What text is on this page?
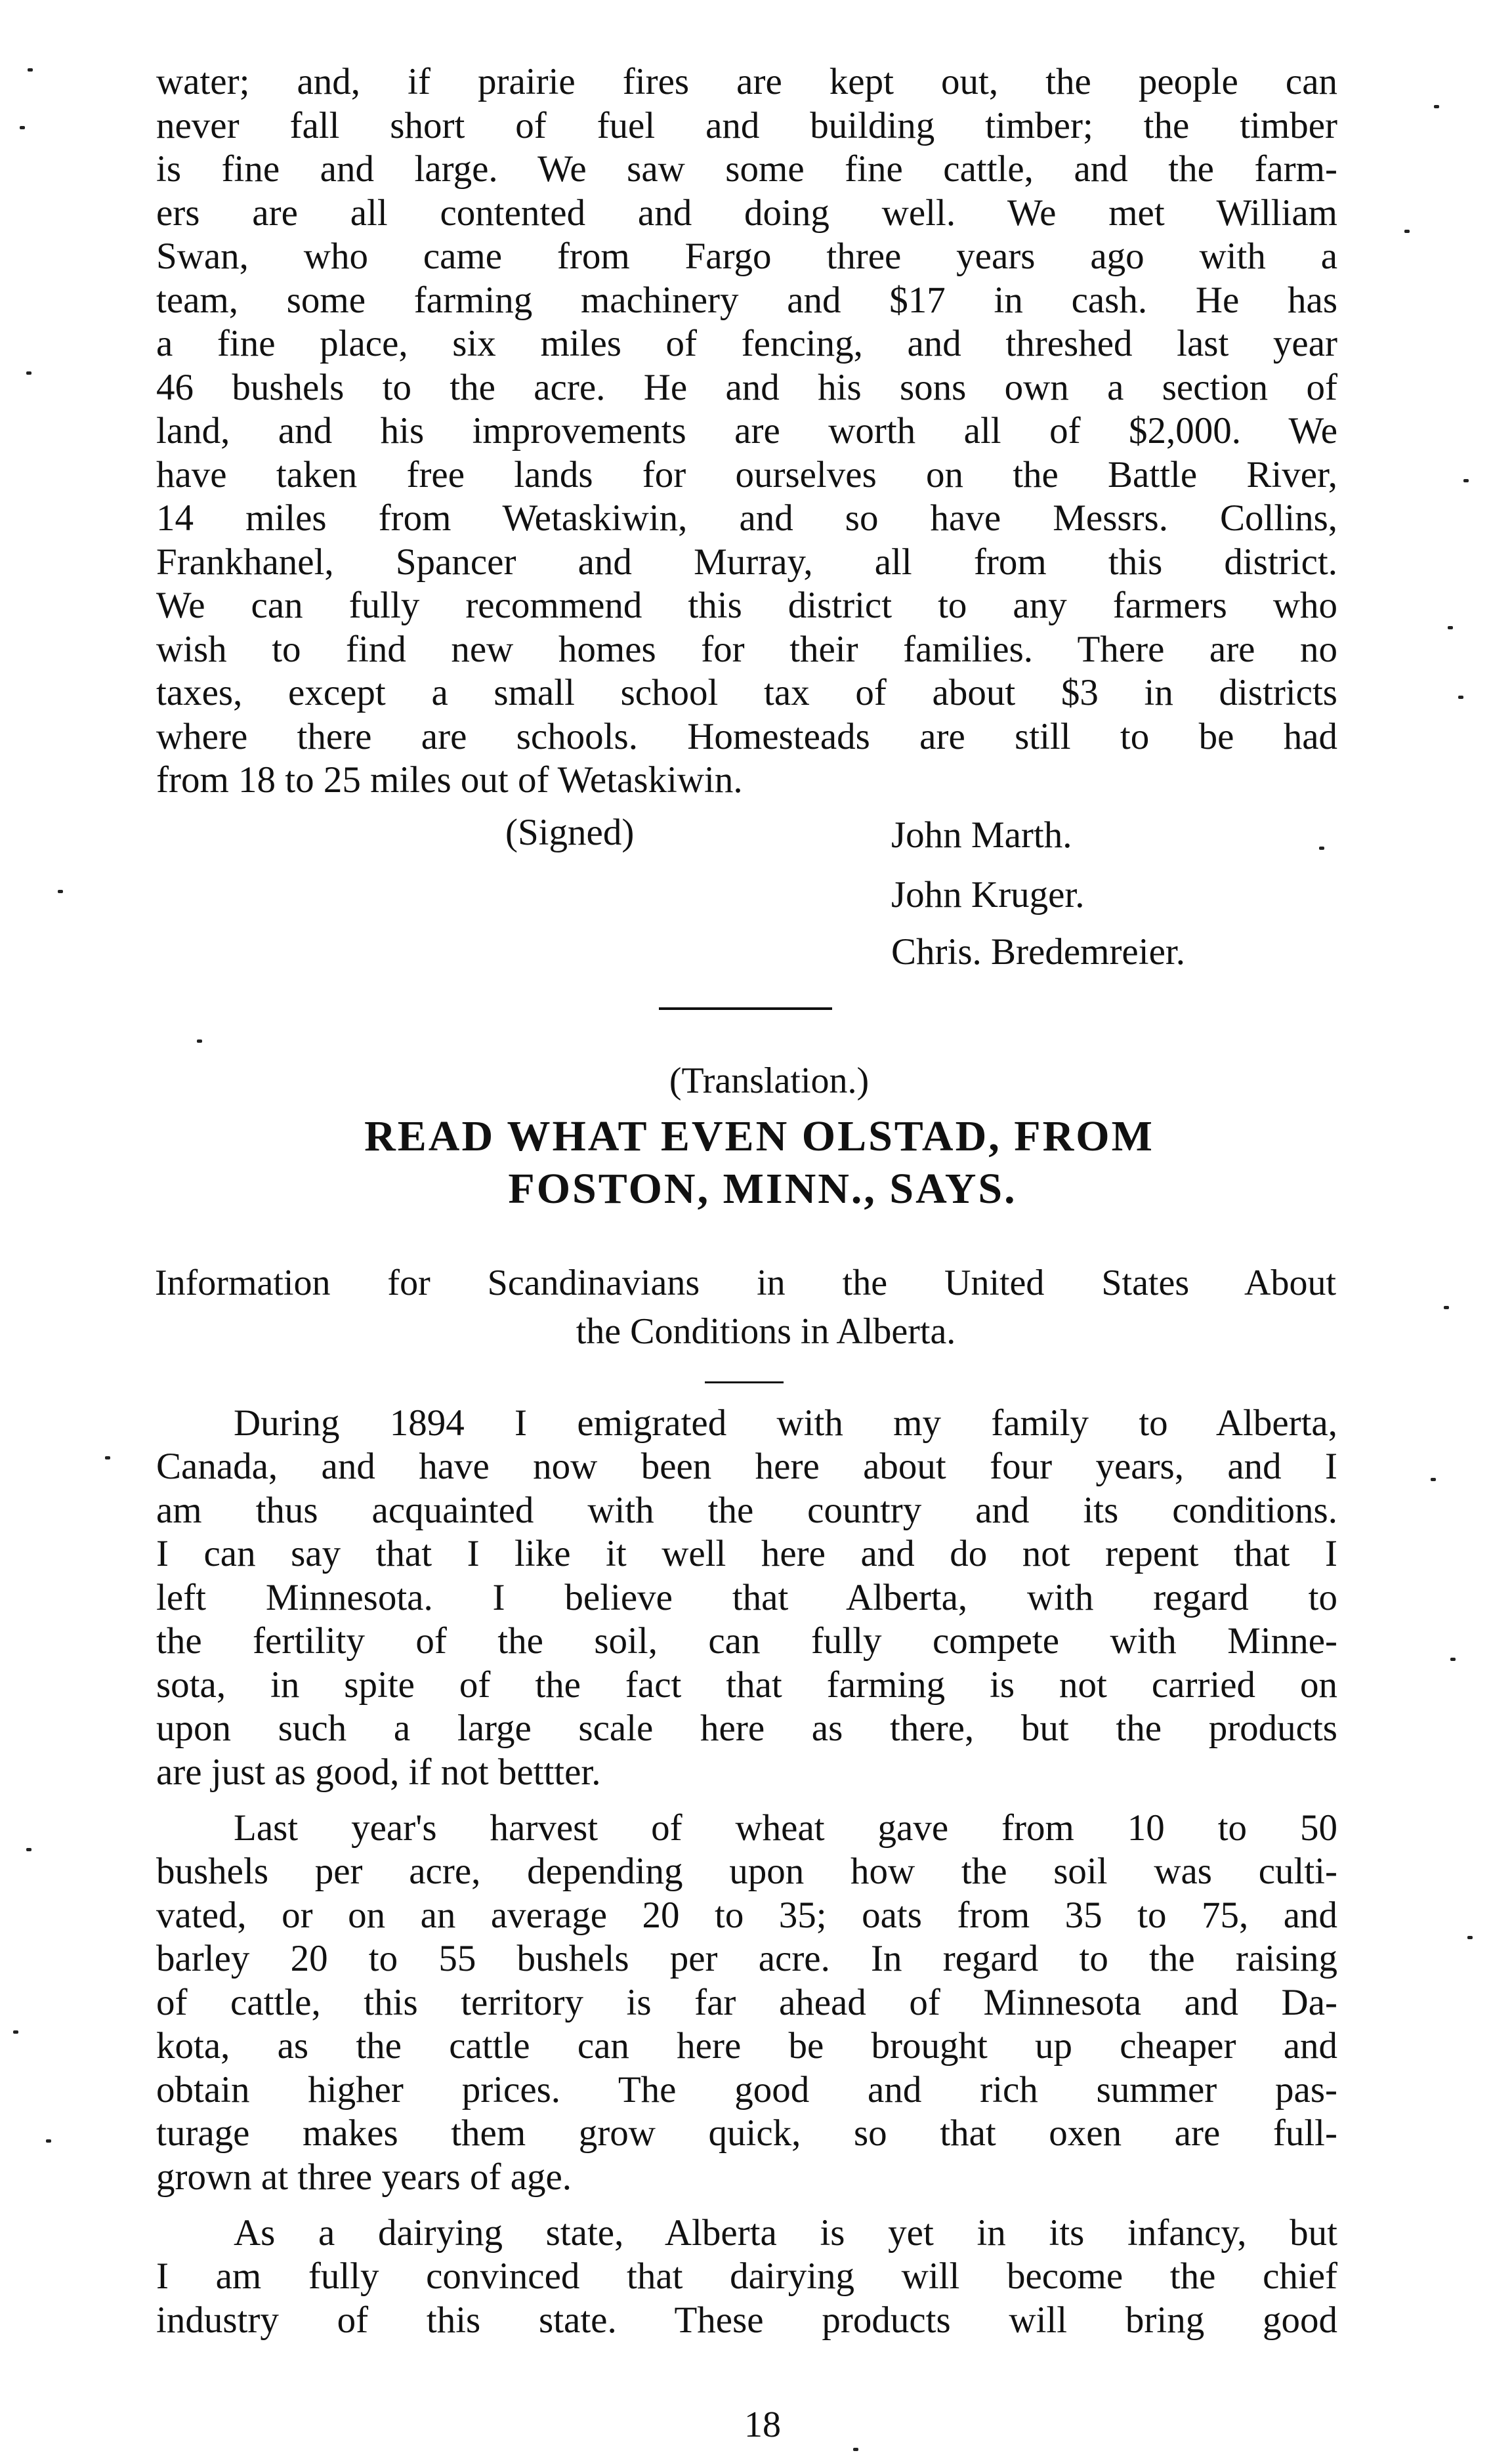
water; and, if prairie fires are kept out, the people can
never fall short of fuel and building timber; the timber
is fine and large. We saw some fine cattle, and the farm-
ers are all contented and doing well. We met William
Swan, who came from Fargo three years ago with a
team, some farming machinery and $17 in cash. He has
a fine place, six miles of fencing, and threshed last year
46 bushels to the acre. He and his sons own a section of
land, and his improvements are worth all of $2,000. We
have taken free lands for ourselves on the Battle River,
14 miles from Wetaskiwin, and so have Messrs. Collins,
Frankhanel, Spancer and Murray, all from this district.
We can fully recommend this district to any farmers who
wish to find new homes for their families. There are no
taxes, except a small school tax of about $3 in districts
where there are schools. Homesteads are still to be had
from 18 to 25 miles out of Wetaskiwin.
(Signed)	John Marth.
John Kruger.
Chris. Bredemreier.
(Translation.)
READ WHAT EVEN OLSTAD, FROM
FOSTON, MINN., SAYS.
Information for Scandinavians in the United States About
the Conditions in Alberta.
During 1894 I emigrated with my family to Alberta,
Canada, and have now been here about four years, and I
am thus acquainted with the country and its conditions.
I can say that I like it well here and do not repent that I
left Minnesota. I believe that Alberta, with regard to
the fertility of the soil, can fully compete with Minne-
sota, in spite of the fact that farming is not carried on
upon such a large scale here as there, but the products
are just as good, if not bettter.
Last year's harvest of wheat gave from 10 to 50
bushels per acre, depending upon how the soil was culti-
vated, or on an average 20 to 35; oats from 35 to 75, and
barley 20 to 55 bushels per acre. In regard to the raising
of cattle, this territory is far ahead of Minnesota and Da-
kota, as the cattle can here be brought up cheaper and
obtain higher prices. The good and rich summer pas-
turage makes them grow quick, so that oxen are full-
grown at three years of age.
As a dairying state, Alberta is yet in its infancy, but
I am fully convinced that dairying will become the chief
industry of this state. These products will bring good
18
